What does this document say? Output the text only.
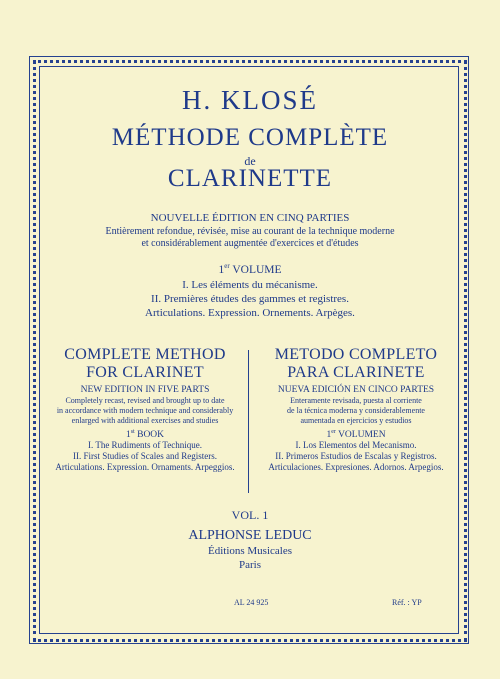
H. KLOSÉ
MÉTHODE COMPLÈTE
de
CLARINETTE
NOUVELLE ÉDITION EN CINQ PARTIES
Entièrement refondue, révisée, mise au courant de la technique moderne
et considérablement augmentée d'exercices et d'études
1er VOLUME
I. Les éléments du mécanisme.
II. Premières études des gammes et registres.
Articulations. Expression. Ornements. Arpèges.
COMPLETE METHOD
FOR CLARINET
NEW EDITION IN FIVE PARTS
Completely recast, revised and brought up to date
in accordance with modern technique and considerably
enlarged with additional exercises and studies
1st BOOK
I. The Rudiments of Technique.
II. First Studies of Scales and Registers.
Articulations. Expression. Ornaments. Arpeggios.
METODO COMPLETO
PARA CLARINETE
NUEVA EDICIÓN EN CINCO PARTES
Enteramente revisada, puesta al corriente
de la técnica moderna y considerablemente
aumentada en ejercicios y estudios
1er VOLUMEN
I. Los Elementos del Mecanismo.
II. Primeros Estudios de Escalas y Registros.
Articulaciones. Expresiones. Adornos. Arpegios.
VOL. 1
ALPHONSE LEDUC
Éditions Musicales
Paris
AL 24 925	Réf. : YP
